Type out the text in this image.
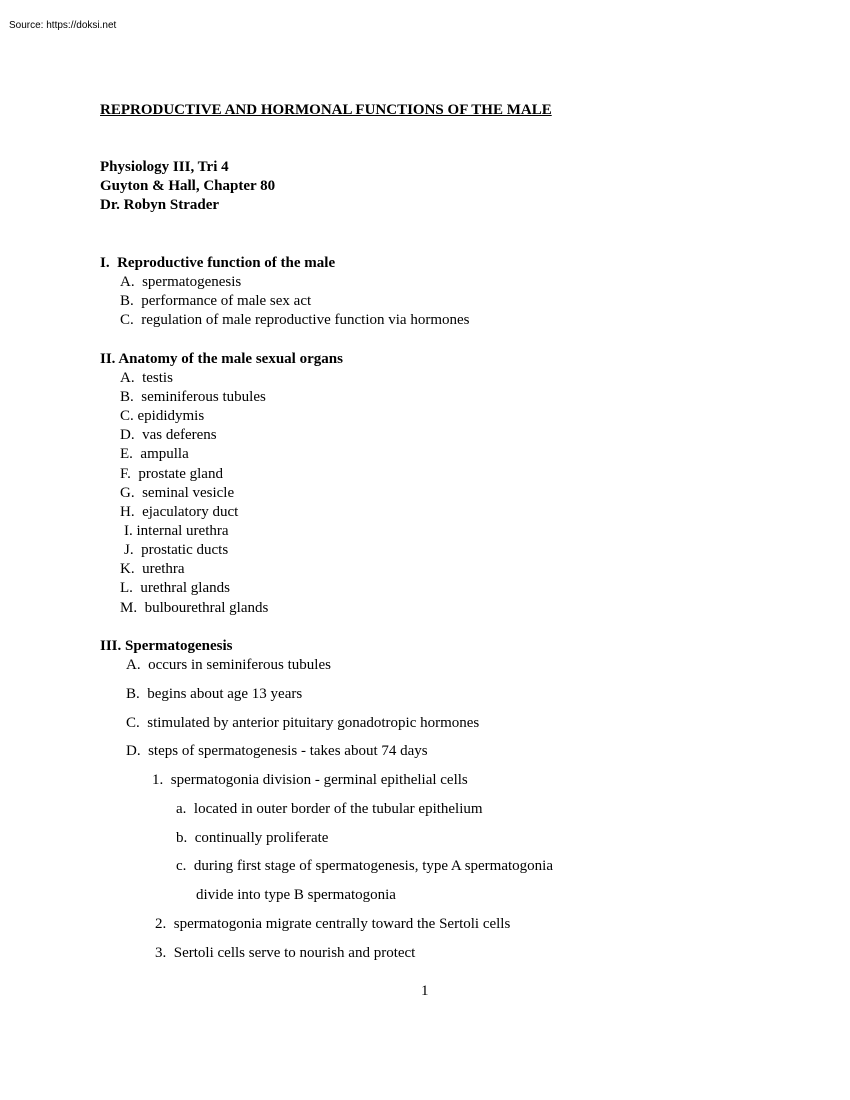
Source: https://doksi.net
REPRODUCTIVE AND HORMONAL FUNCTIONS OF THE MALE
Physiology III, Tri 4
Guyton & Hall, Chapter 80
Dr. Robyn Strader
I.  Reproductive function of the male
A.  spermatogenesis
B.  performance of male sex act
C.  regulation of male reproductive function via hormones
II. Anatomy of the male sexual organs
A.  testis
B.  seminiferous tubules
C. epididymis
D.  vas deferens
E.  ampulla
F.  prostate gland
G.  seminal vesicle
H.  ejaculatory duct
I. internal urethra
J.  prostatic ducts
K.  urethra
L.  urethral glands
M.  bulbourethral glands
III. Spermatogenesis
A.  occurs in seminiferous tubules
B.  begins about age 13 years
C.  stimulated by anterior pituitary gonadotropic hormones
D.  steps of spermatogenesis - takes about 74 days
1.  spermatogonia division - germinal epithelial cells
a.  located in outer border of the tubular epithelium
b.  continually proliferate
c.  during first stage of spermatogenesis, type A spermatogonia
divide into type B spermatogonia
2.  spermatogonia migrate centrally toward the Sertoli cells
3.  Sertoli cells serve to nourish and protect
1
